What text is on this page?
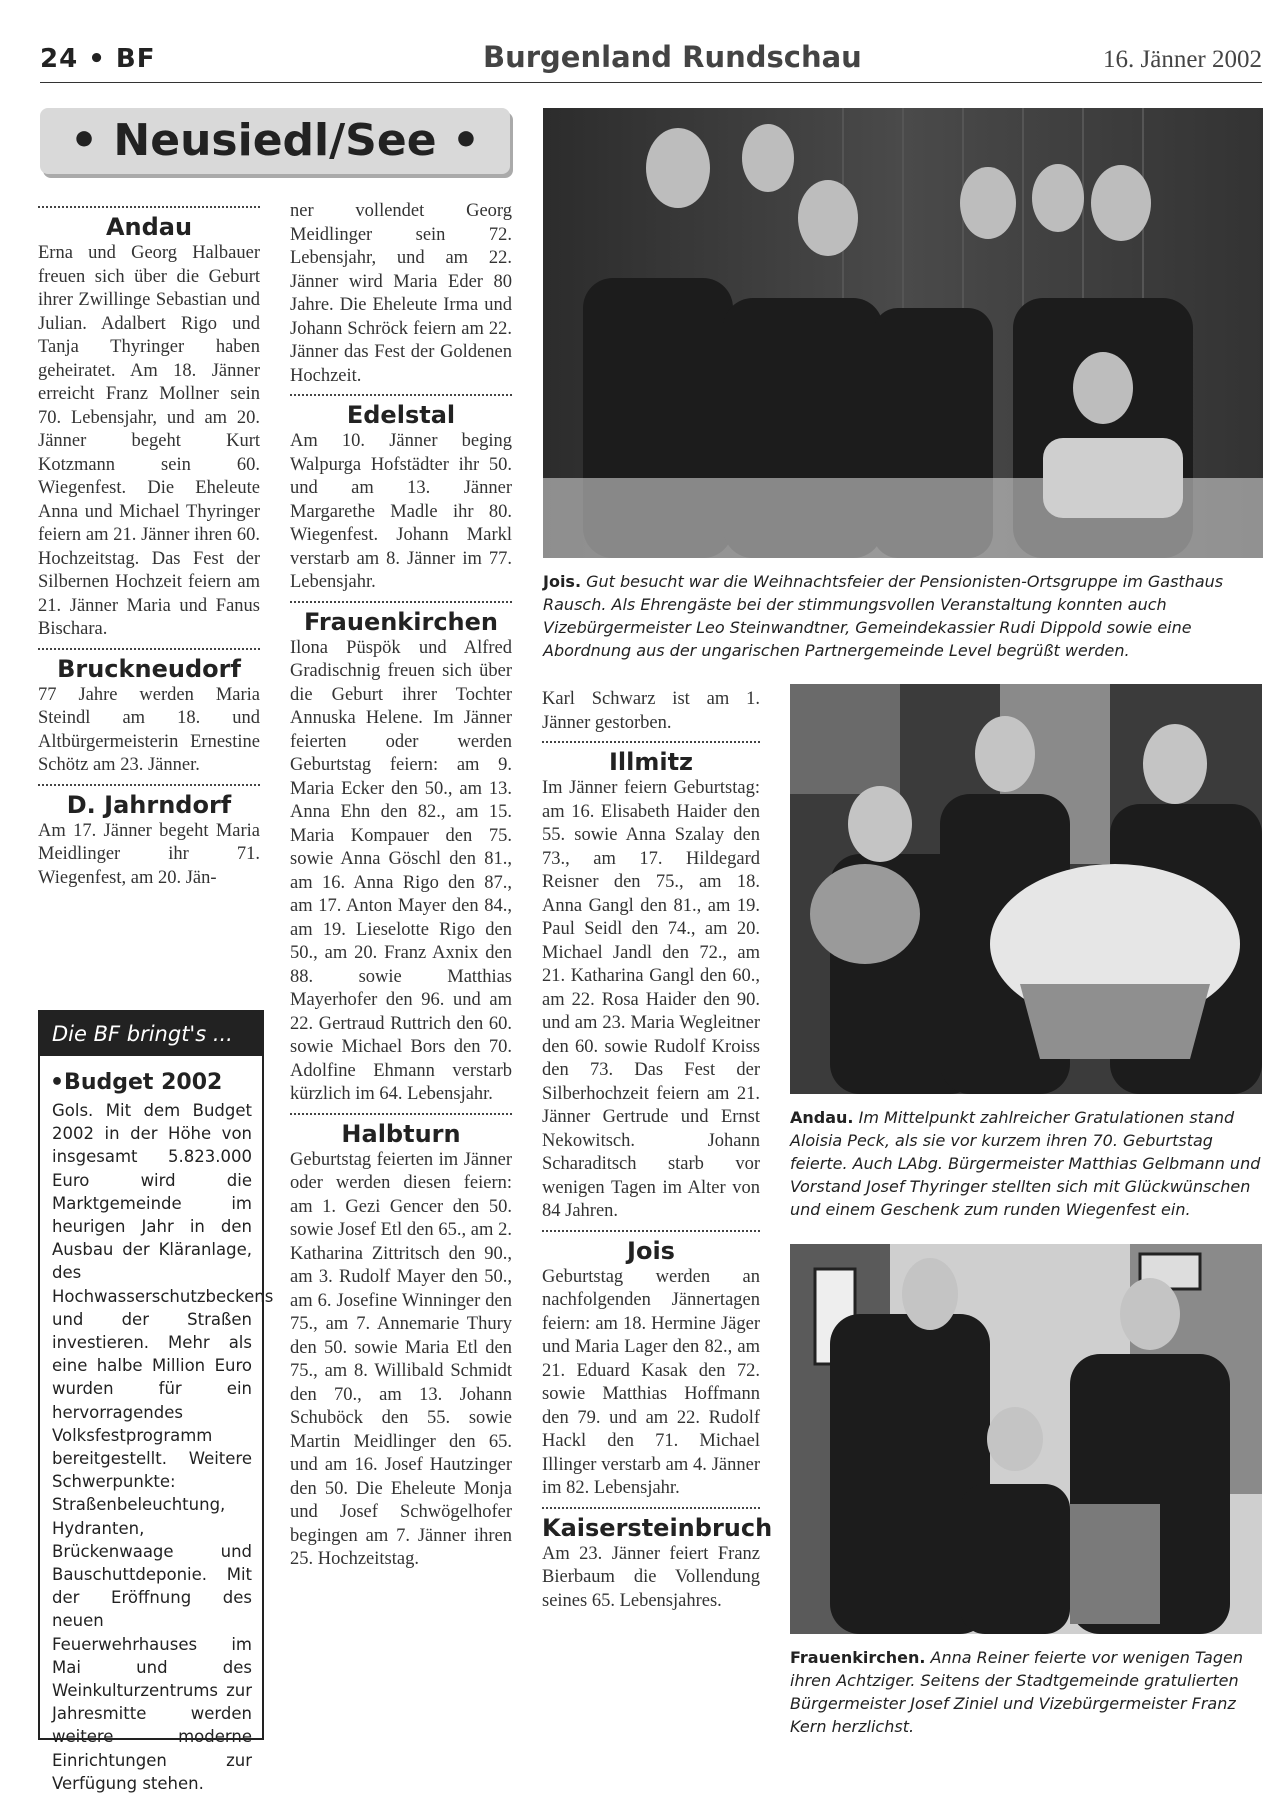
24 • BF	Burgenland Rundschau	16. Jänner 2002
• Neusiedl/See •
Andau

Erna und Georg Halbauer freuen sich über die Geburt ihrer Zwillinge Sebastian und Julian. Adalbert Rigo und Tanja Thyringer haben geheiratet. Am 18. Jänner erreicht Franz Mollner sein 70. Lebensjahr, und am 20. Jänner begeht Kurt Kotzmann sein 60. Wiegenfest. Die Eheleute Anna und Michael Thyringer feiern am 21. Jänner ihren 60. Hochzeitstag. Das Fest der Silbernen Hochzeit feiern am 21. Jänner Maria und Fanus Bischara.

Bruckneudorf

77 Jahre werden Maria Steindl am 18. und Altbürgermeisterin Ernestine Schötz am 23. Jänner.

D. Jahrndorf

Am 17. Jänner begeht Maria Meidlinger ihr 71. Wiegenfest, am 20. Jän-

Die BF bringt's ...
•Budget 2002
Gols. Mit dem Budget 2002 in der Höhe von insgesamt 5.823.000 Euro wird die Marktgemeinde im heurigen Jahr in den Ausbau der Kläranlage, des Hochwasserschutzbeckens und der Straßen investieren. Mehr als eine halbe Million Euro wurden für ein hervorragendes Volksfestprogramm bereitgestellt. Weitere Schwerpunkte: Straßenbeleuchtung, Hydranten, Brückenwaage und Bauschuttdeponie. Mit der Eröffnung des neuen Feuerwehrhauses im Mai und des Weinkulturzentrums zur Jahresmitte werden weitere moderne Einrichtungen zur Verfügung stehen.

ner vollendet Georg Meidlinger sein 72. Lebensjahr, und am 22. Jänner wird Maria Eder 80 Jahre. Die Eheleute Irma und Johann Schröck feiern am 22. Jänner das Fest der Goldenen Hochzeit.

Edelstal

Am 10. Jänner beging Walpurga Hofstädter ihr 50. und am 13. Jänner Margarethe Madle ihr 80. Wiegenfest. Johann Markl verstarb am 8. Jänner im 77. Lebensjahr.

Frauenkirchen

Ilona Püspök und Alfred Gradischnig freuen sich über die Geburt ihrer Tochter Annuska Helene. Im Jänner feierten oder werden Geburtstag feiern: am 9. Maria Ecker den 50., am 13. Anna Ehn den 82., am 15. Maria Kompauer den 75. sowie Anna Göschl den 81., am 16. Anna Rigo den 87., am 17. Anton Mayer den 84., am 19. Lieselotte Rigo den 50., am 20. Franz Axnix den 88. sowie Matthias Mayerhofer den 96. und am 22. Gertraud Ruttrich den 60. sowie Michael Bors den 70. Adolfine Ehmann verstarb kürzlich im 64. Lebensjahr.

Halbturn

Geburtstag feierten im Jänner oder werden diesen feiern: am 1. Gezi Gencer den 50. sowie Josef Etl den 65., am 2. Katharina Zittritsch den 90., am 3. Rudolf Mayer den 50., am 6. Josefine Winninger den 75., am 7. Annemarie Thury den 50. sowie Maria Etl den 75., am 8. Willibald Schmidt den 70., am 13. Johann Schuböck den 55. sowie Martin Meidlinger den 65. und am 16. Josef Hautzinger den 50. Die Eheleute Monja und Josef Schwögelhofer begingen am 7. Jänner ihren 25. Hochzeitstag.

Karl Schwarz ist am 1. Jänner gestorben.

Illmitz

Im Jänner feiern Geburtstag: am 16. Elisabeth Haider den 55. sowie Anna Szalay den 73., am 17. Hildegard Reisner den 75., am 18. Anna Gangl den 81., am 19. Paul Seidl den 74., am 20. Michael Jandl den 72., am 21. Katharina Gangl den 60., am 22. Rosa Haider den 90. und am 23. Maria Wegleitner den 60. sowie Rudolf Kroiss den 73. Das Fest der Silberhochzeit feiern am 21. Jänner Gertrude und Ernst Nekowitsch. Johann Scharaditsch starb vor wenigen Tagen im Alter von 84 Jahren.

Jois

Geburtstag werden an nachfolgenden Jännertagen feiern: am 18. Hermine Jäger und Maria Lager den 82., am 21. Eduard Kasak den 72. sowie Matthias Hoffmann den 79. und am 22. Rudolf Hackl den 71. Michael Illinger verstarb am 4. Jänner im 82. Lebensjahr.

Kaisersteinbruch

Am 23. Jänner feiert Franz Bierbaum die Vollendung seines 65. Lebensjahres.

Jois. Gut besucht war die Weihnachtsfeier der Pensionisten-Ortsgruppe im Gasthaus Rausch. Als Ehrengäste bei der stimmungsvollen Veranstaltung konnten auch Vizebürgermeister Leo Steinwandtner, Gemeindekassier Rudi Dippold sowie eine Abordnung aus der ungarischen Partnergemeinde Level begrüßt werden.
Andau. Im Mittelpunkt zahlreicher Gratulationen stand Aloisia Peck, als sie vor kurzem ihren 70. Geburtstag feierte. Auch LAbg. Bürgermeister Matthias Gelbmann und Vorstand Josef Thyringer stellten sich mit Glückwünschen und einem Geschenk zum runden Wiegenfest ein.
Frauenkirchen. Anna Reiner feierte vor wenigen Tagen ihren Achtziger. Seitens der Stadtgemeinde gratulierten Bürgermeister Josef Ziniel und Vizebürgermeister Franz Kern herzlichst.
